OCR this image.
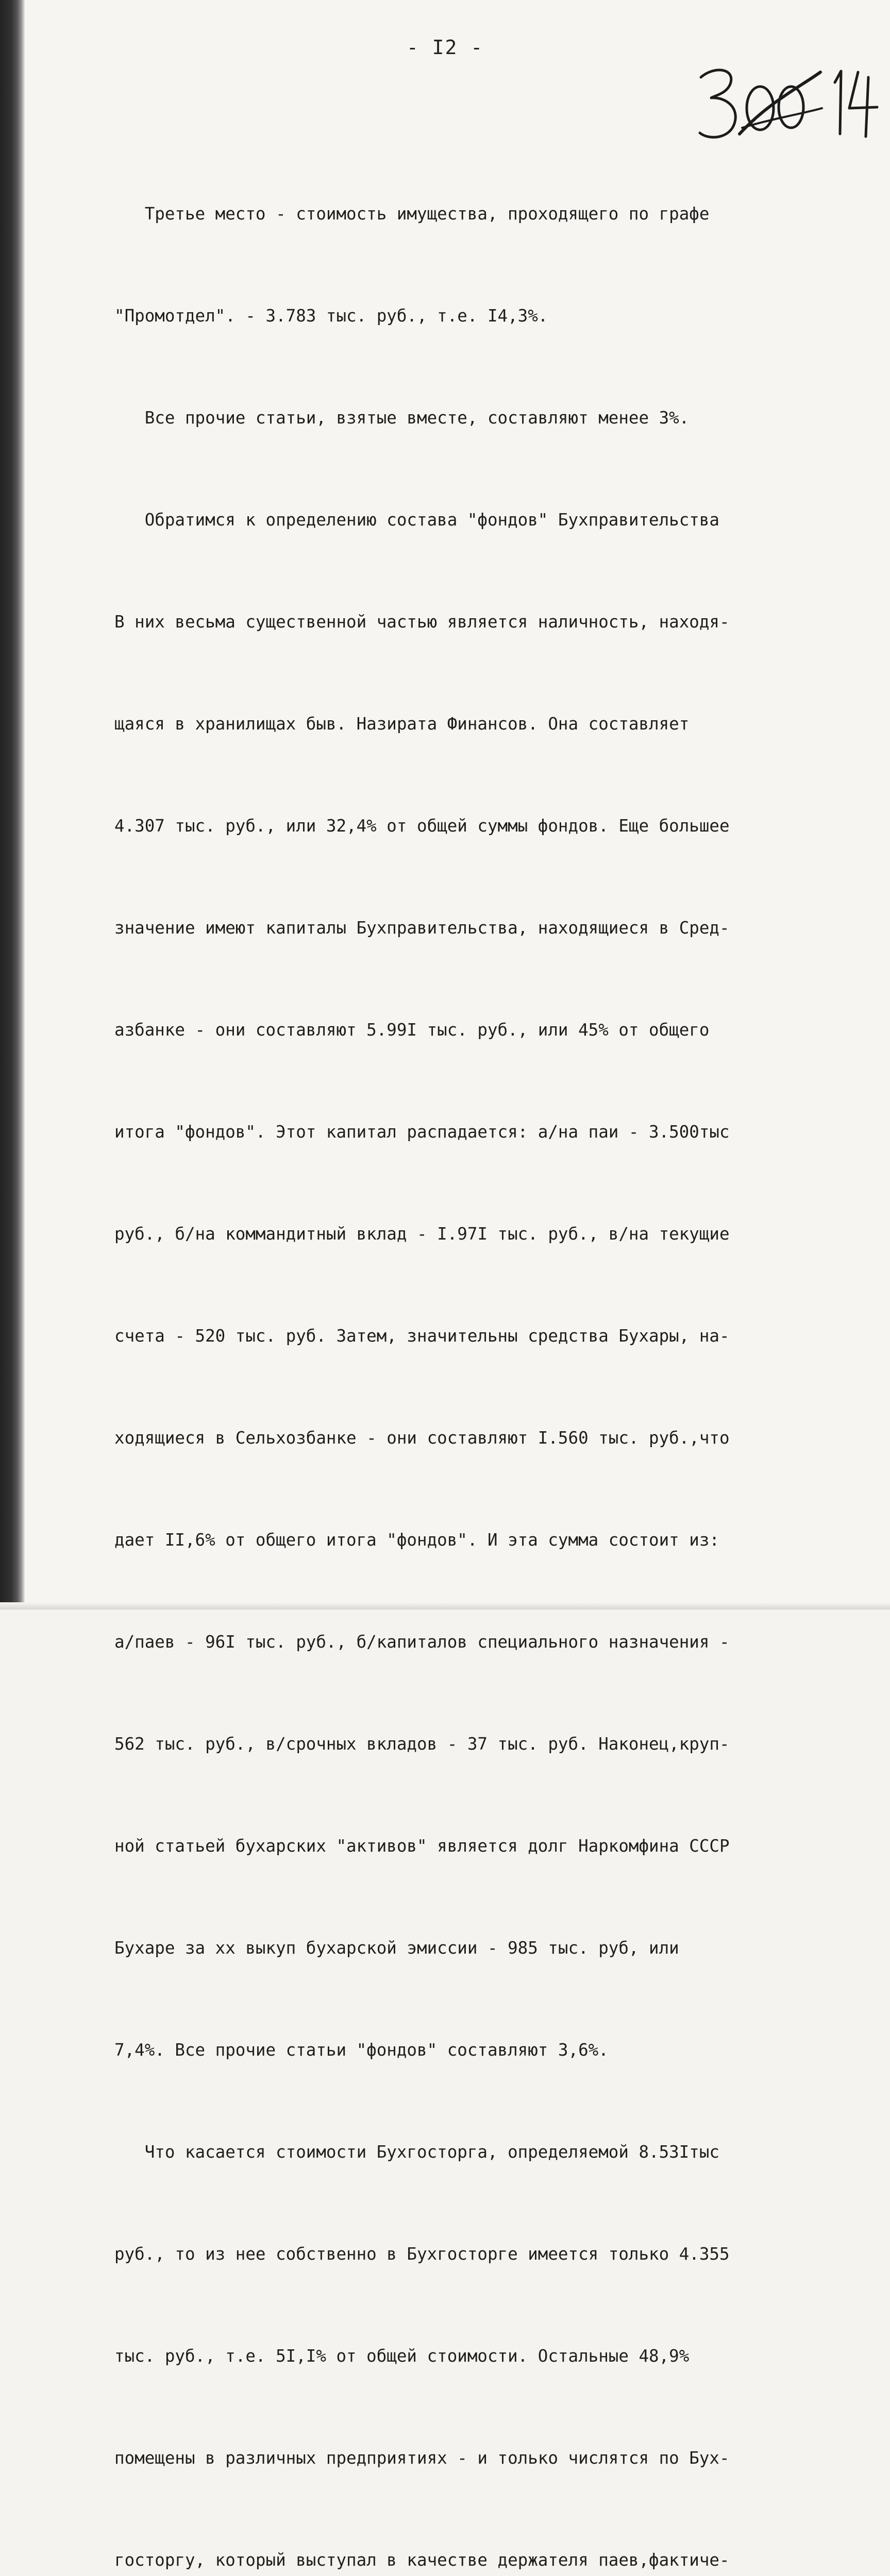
- I2 -

Третье место - стоимость имущества, проходящего по графе

"Промотдел". - 3.783 тыс. руб., т.е. I4,3%.

Все прочие статьи, взятые вместе, составляют менее 3%.

Обратимся к определению состава "фондов" Бухправительства

В них весьма существенной частью является наличность, находя-

щаяся в хранилищах быв. Назирата Финансов. Она составляет

4.307 тыс. руб., или 32,4% от общей суммы фондов. Еще большее

значение имеют капиталы Бухправительства, находящиеся в Сред-

азбанке - они составляют 5.99I тыс. руб., или 45% от общего

итога "фондов". Этот капитал распадается: а/на паи - 3.500тыс

руб., б/на коммандитный вклад - I.97I тыс. руб., в/на текущие

счета - 520 тыс. руб. Затем, значительны средства Бухары, на-

ходящиеся в Сельхозбанке - они составляют I.560 тыс. руб.,что

дает II,6% от общего итога "фондов". И эта сумма состоит из:

а/паев - 96I тыс. руб., б/капиталов специального назначения -

562 тыс. руб., в/срочных вкладов - 37 тыс. руб. Наконец,круп-

ной статьей бухарских "активов" является долг Наркомфина СССР

Бухаре за хх выкуп бухарской эмиссии - 985 тыс. руб, или

7,4%. Все прочие статьи "фондов" составляют 3,6%.

Что касается стоимости Бухгосторга, определяемой 8.53Iтыс

руб., то из нее собственно в Бухгосторге имеется только 4.355

тыс. руб., т.е. 5I,I% от общей стоимости. Остальные 48,9%

помещены в различных предприятиях - и только числятся по Бух-

госторгу, который выступал в качестве держателя паев,фактиче-
